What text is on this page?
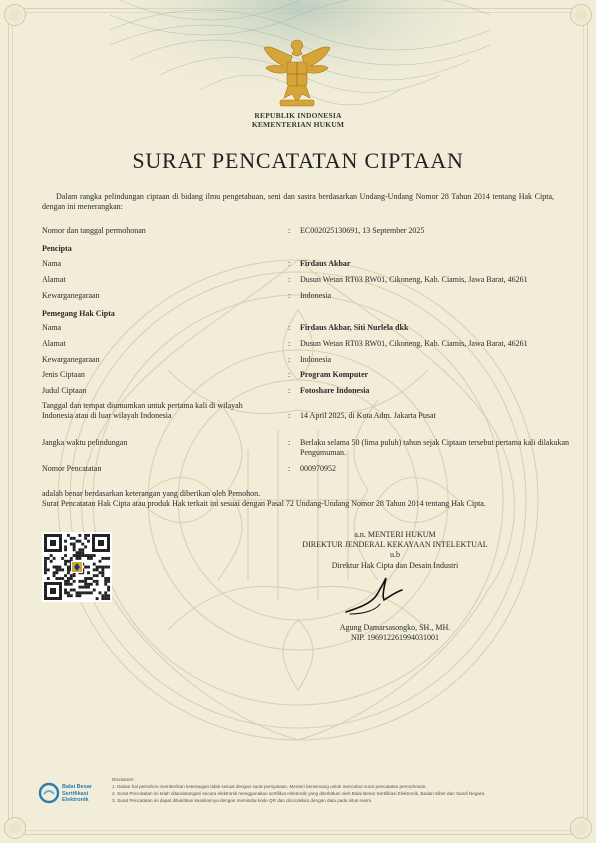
REPUBLIK INDONESIA
KEMENTERIAN HUKUM
SURAT PENCATATAN CIPTAAN
Dalam rangka pelindungan ciptaan di bidang ilmu pengetahuan, seni dan sastra berdasarkan Undang-Undang Nomor 28 Tahun 2014 tentang Hak Cipta, dengan ini menerangkan:
Nomor dan tanggal permohonan	: EC002025130691, 13 September 2025
Pencipta
Nama	: Firdaus Akbar
Alamat	: Dusun Wetan RT03 RW01, Cikoneng, Kab. Ciamis, Jawa Barat, 46261
Kewarganegaraan	: Indonesia
Pemegang Hak Cipta
Nama	: Firdaus Akbar, Siti Nurlela dkk
Alamat	: Dusun Wetan RT03 RW01, Cikoneng, Kab. Ciamis, Jawa Barat, 46261
Kewarganegaraan	: Indonesia
Jenis Ciptaan	: Program Komputer
Judul Ciptaan	: Fotoshare Indonesia
Tanggal dan tempat diumumkan untuk pertama kali di wilayah Indonesia atau di luar wilayah Indonesia	: 14 April 2025, di Kota Adm. Jakarta Pusat
Jangka waktu pelindungan	: Berlaku selama 50 (lima puluh) tahun sejak Ciptaan tersebut pertama kali dilakukan Pengumuman.
Nomor Pencatatan	: 000970952
adalah benar berdasarkan keterangan yang diberikan oleh Pemohon.
Surat Pencatatan Hak Cipta atau produk Hak terkait ini sesuai dengan Pasal 72 Undang-Undang Nomor 28 Tahun 2014 tentang Hak Cipta.
a.n. MENTERI HUKUM
DIREKTUR JENDERAL KEKAYAAN INTELEKTUAL
u.b
Direktur Hak Cipta dan Desain Industri
Agung Damarsasongko, SH., MH.
NIP. 196912261994031001
Balai Besar
Sertifikasi
Elektronik
Disclaimer:
1. Dalam hal pemohon memberikan keterangan tidak sesuai dengan surat pernyataan, Menteri berwenang untuk mencabut surat pencatatan permohonan.
2. Surat Pencatatan ini telah ditandatangani secara elektronik menggunakan sertifikat elektronik yang diterbitkan oleh Balai Besar Sertifikasi Elektronik, Badan Siber dan Sandi Negara.
3. Surat Pencatatan ini dapat dibuktikan keasliannya dengan memindai kode QR dan dicocokkan dengan data pada situs resmi.
